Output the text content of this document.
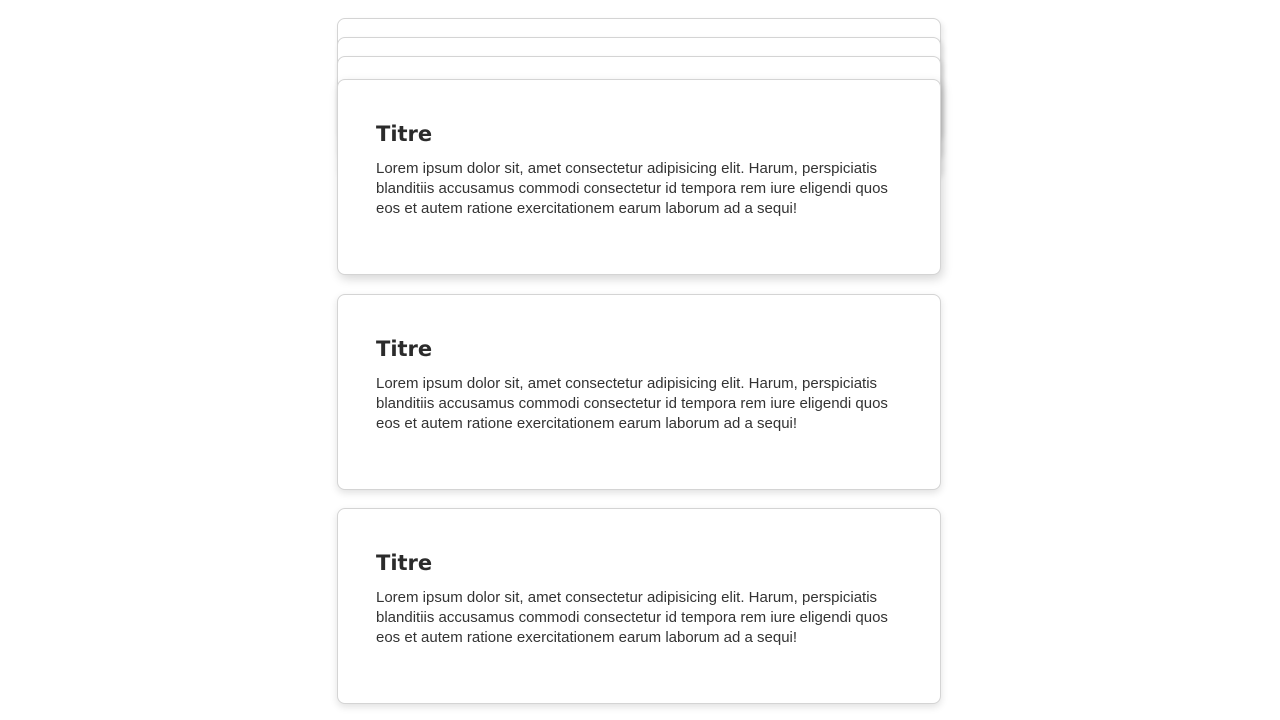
Titre

Lorem ipsum dolor sit, amet consectetur adipisicing elit. Harum, perspiciatis blanditiis accusamus commodi consectetur id tempora rem iure eligendi quos eos et autem ratione exercitationem earum laborum ad a sequi!

Titre

Lorem ipsum dolor sit, amet consectetur adipisicing elit. Harum, perspiciatis blanditiis accusamus commodi consectetur id tempora rem iure eligendi quos eos et autem ratione exercitationem earum laborum ad a sequi!

Titre

Lorem ipsum dolor sit, amet consectetur adipisicing elit. Harum, perspiciatis blanditiis accusamus commodi consectetur id tempora rem iure eligendi quos eos et autem ratione exercitationem earum laborum ad a sequi!
